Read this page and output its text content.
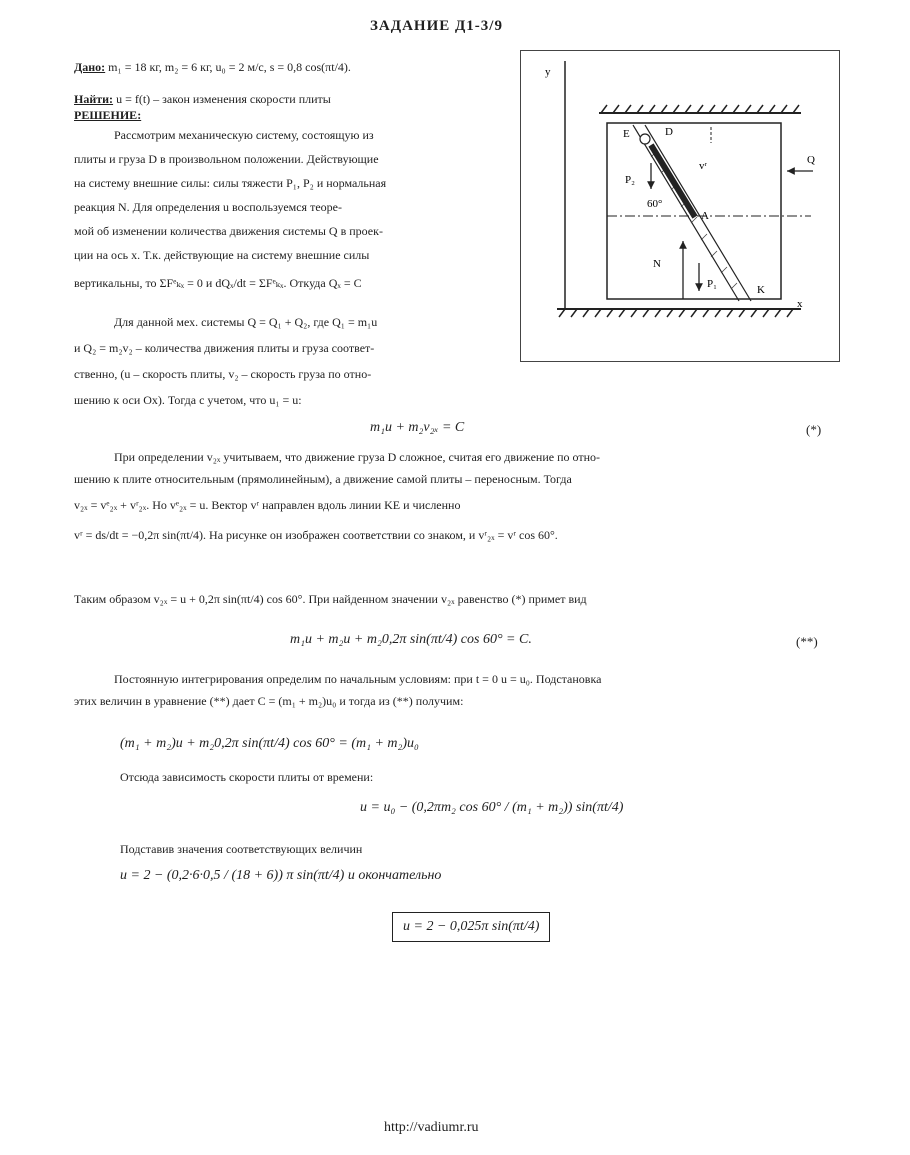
ЗАДАНИЕ Д1-3/9
Дано: m₁ = 18 кг, m₂ = 6 кг, u₀ = 2 м/с, s = 0,8 cos(πt/4).
Найти: u = f(t) – закон изменения скорости плиты
РЕШЕНИЕ:
Рассмотрим механическую систему, состоящую из
плиты и груза D в произвольном положении. Действующие
на систему внешние силы: силы тяжести P₁, P₂ и нормальная
реакция N. Для определения u воспользуемся теоре-
мой об изменении количества движения системы Q в проек-
ции на ось x. Т.к. действующие на систему внешние силы
вертикальны, то ΣFᵉₖₓ = 0 и dQₓ/dt = ΣFᵉₖₓ. Откуда Qₓ = C
Для данной мех. системы Q = Q₁ + Q₂, где Q₁ = m₁u
и Q₂ = m₂v₂ – количества движения плиты и груза соответ-
ственно, (u – скорость плиты, v₂ – скорость груза по отно-
шению к оси Ox). Тогда с учетом, что u₁ = u:
m₁u + m₂v₂ₓ = C	(*)
При определении v₂ₓ учитываем, что движение груза D сложное, считая его движение по отно-
шению к плите относительным (прямолинейным), а движение самой плиты – переносным. Тогда
v₂ₓ = vᵉ₂ₓ + vʳ₂ₓ. Но vᵉ₂ₓ = u. Вектор vʳ направлен вдоль линии KE и численно
vʳ = ds/dt = −0,2π sin(πt/4). На рисунке он изображен соответствии со знаком, и vʳ₂ₓ = vʳ cos 60°.
Таким образом v₂ₓ = u + 0,2π sin(πt/4) cos 60°. При найденном значении v₂ₓ равенство (*) примет вид
m₁u + m₂u + m₂0,2π sin(πt/4) cos 60° = C.	(**)
Постоянную интегрирования определим по начальным условиям: при t = 0 u = u₀. Подстановка
этих величин в уравнение (**) дает C = (m₁ + m₂)u₀ и тогда из (**) получим:
(m₁ + m₂)u + m₂0,2π sin(πt/4) cos 60° = (m₁ + m₂)u₀
Отсюда зависимость скорости плиты от времени:
u = u₀ − (0,2πm₂ cos 60° / (m₁ + m₂)) sin(πt/4)
Подставив значения соответствующих величин
u = 2 − (0,2·6·0,5 / (18 + 6)) π sin(πt/4) и окончательно
u = 2 − 0,025π sin(πt/4)
http://vadiumr.ru
y
x
E	D
vʳ
P₂
60°
A
N
P₁	K
Q
